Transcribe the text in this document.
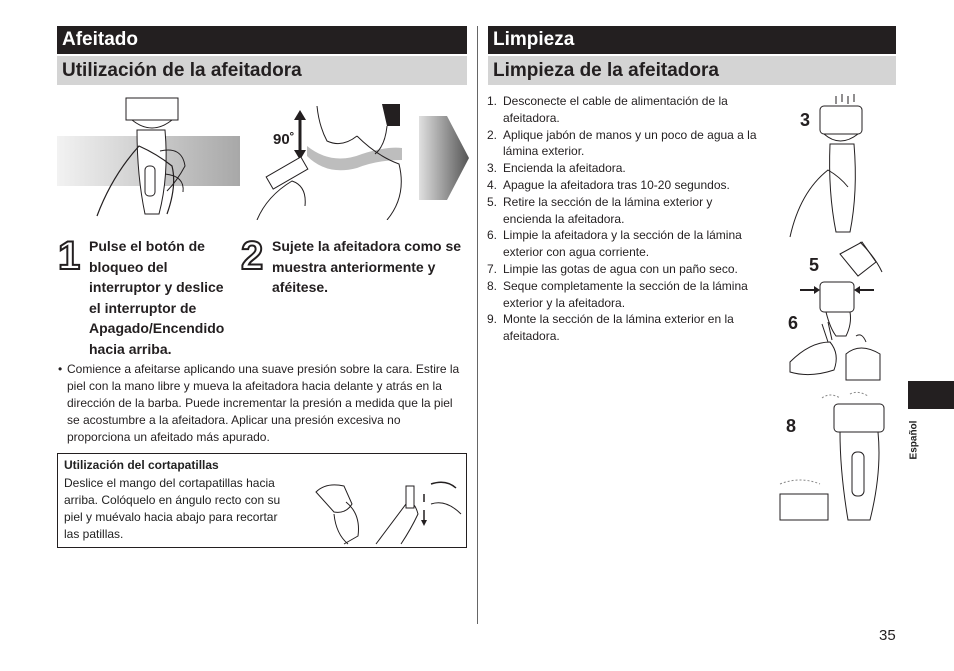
Afeitado
Utilización de la afeitadora
90˚
1 Pulse el botón de bloqueo del interruptor y deslice el interruptor de Apagado/Encendido hacia arriba.
2 Sujete la afeitadora como se muestra anteriormente y aféitese.
• Comience a afeitarse aplicando una suave presión sobre la cara. Estire la piel con la mano libre y mueva la afeitadora hacia delante y atrás en la dirección de la barba. Puede incrementar la presión a medida que la piel se acostumbre a la afeitadora. Aplicar una presión excesiva no proporciona un afeitado más apurado.
Utilización del cortapatillas
Deslice el mango del cortapatillas hacia arriba. Colóquelo en ángulo recto con su piel y muévalo hacia abajo para recortar las patillas.
Limpieza
Limpieza de la afeitadora
1. Desconecte el cable de alimentación de la afeitadora.
2. Aplique jabón de manos y un poco de agua a la lámina exterior.
3. Encienda la afeitadora.
4. Apague la afeitadora tras 10-20 segundos.
5. Retire la sección de la lámina exterior y encienda la afeitadora.
6. Limpie la afeitadora y la sección de la lámina exterior con agua corriente.
7. Limpie las gotas de agua con un paño seco.
8. Seque completamente la sección de la lámina exterior y la afeitadora.
9. Monte la sección de la lámina exterior en la afeitadora.
3
5
6
8	Español
35
